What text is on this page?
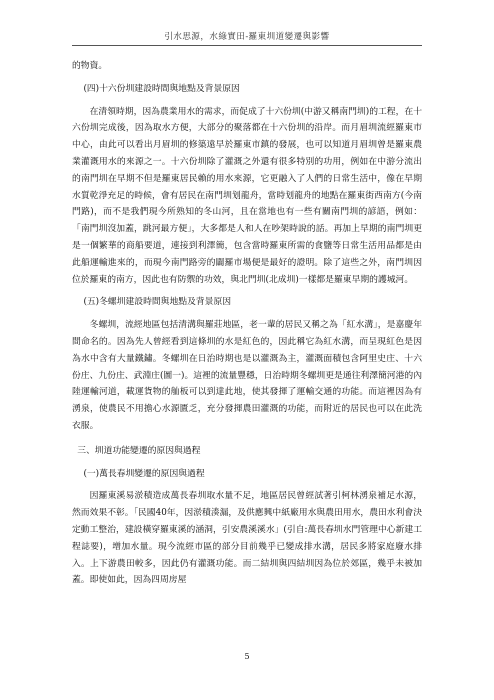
引水思源，水綠實田-羅東圳道變遷與影響

的物資。

(四)十六份圳建設時間與地點及背景原因

在清領時期，因為農業用水的需求，而促成了十六份圳(中游又稱南門圳)的工程，在十六份圳完成後，因為取水方便，大部分的聚落都在十六份圳的沿岸。而月眉圳流經羅東市中心，由此可以看出月眉圳的修築遠早於羅東市鎮的發展，也可以知道月眉圳曾是羅東農業灌溉用水的來源之一。十六份圳除了灌溉之外還有很多特別的功用，例如在中游分流出的南門圳在早期不但是羅東居民賴的用水來源，它更融入了人們的日常生活中，像在早期水質乾淨充足的時候，會有居民在南門圳划龍舟，當時划龍舟的地點在羅東街西南方(今南門路)，而不是我們現今所熟知的冬山河，且在當地也有一些有關南門圳的諺語，例如：「南門圳沒加蓋，跳河最方便」，大多都是人和人在吵架時說的話。再加上早期的南門圳更是一個繁華的商船要道，連接到利澤簡，包含當時羅東所需的食鹽等日常生活用品都是由此船運輸進來的，而現今南門路旁的闢羅市場便是最好的證明。除了這些之外，南門圳因位於羅東的南方，因此也有防禦的功效，與北門圳(北成圳)一樣都是羅東早期的護城河。

(五)冬螺圳建設時間與地點及背景原因

冬螺圳，流經地區包括清溝與羅莊地區，老一輩的居民又稱之為「紅水溝」，是嘉慶年間命名的。因為先人曾經看到這條圳的水是紅色的，因此稱它為紅水溝，而呈現紅色是因為水中含有大量鐵鏽。冬螺圳在日治時期也是以灌溉為主，灌溉面積包含阿里史庄、十六份庄、九份庄、武淵庄(圖一)。這裡的流量豐穩，日治時期冬螺圳更是通往利澤簡河港的內陸運輸河道，載運貨物的舢板可以到達此地，使其發揮了運輸交通的功能。而這裡因為有湧泉，使農民不用擔心水源匱乏，充分發揮農田灌溉的功能，而附近的居民也可以在此洗衣服。

三、圳道功能變遷的原因與過程

(一)萬長春圳變遷的原因與過程

因羅東溪易淤積造成萬長春圳取水量不足，地區居民曾經試著引柯林湧泉補足水源，然而效果不彰。「民國40年，因淤積湊漏，及供應興中紙廠用水與農田用水，農田水利會決定動工整治，建設橫穿羅東溪的涵洞，引安農溪溪水」(引自:萬長春圳水門管理中心新建工程誌要)，增加水量。現今流經市區的部分目前幾乎已變成排水溝，居民多將家庭廢水排入。上下游農田較多，因此仍有灌溉功能。而二結圳與四結圳因為位於郊區，幾乎未被加蓋。即使如此，因為四周房屋

5
